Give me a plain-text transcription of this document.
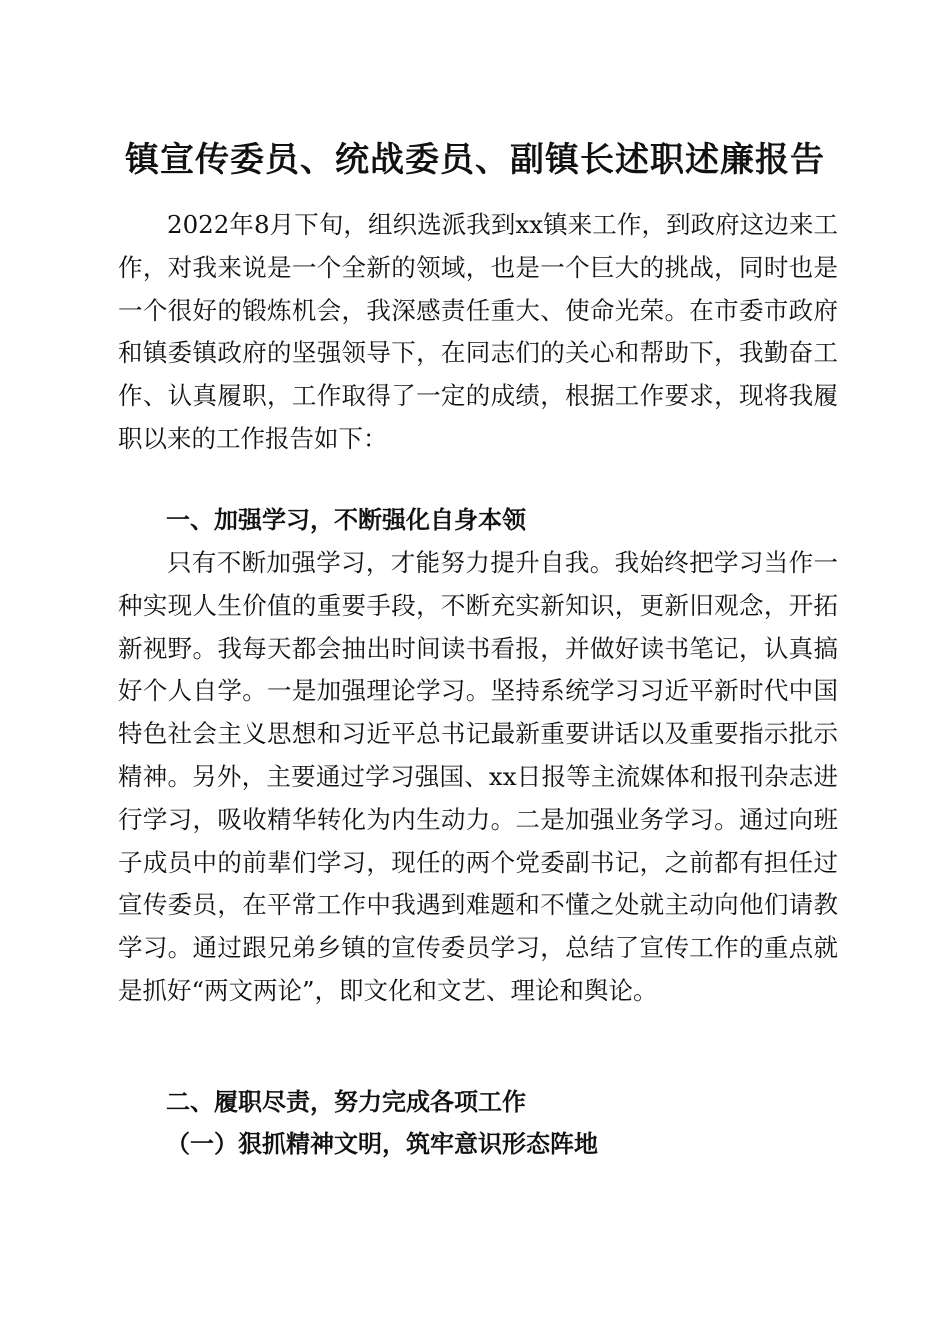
镇宣传委员、统战委员、副镇长述职述廉报告

2022年8月下旬，组织选派我到xx镇来工作，到政府这边来工作，对我来说是一个全新的领域，也是一个巨大的挑战，同时也是一个很好的锻炼机会，我深感责任重大、使命光荣。在市委市政府和镇委镇政府的坚强领导下，在同志们的关心和帮助下，我勤奋工作、认真履职，工作取得了一定的成绩，根据工作要求，现将我履职以来的工作报告如下：

一、加强学习，不断强化自身本领

只有不断加强学习，才能努力提升自我。我始终把学习当作一种实现人生价值的重要手段，不断充实新知识，更新旧观念，开拓新视野。我每天都会抽出时间读书看报，并做好读书笔记，认真搞好个人自学。一是加强理论学习。坚持系统学习习近平新时代中国特色社会主义思想和习近平总书记最新重要讲话以及重要指示批示精神。另外，主要通过学习强国、xx日报等主流媒体和报刊杂志进行学习，吸收精华转化为内生动力。二是加强业务学习。通过向班子成员中的前辈们学习，现任的两个党委副书记，之前都有担任过宣传委员，在平常工作中我遇到难题和不懂之处就主动向他们请教学习。通过跟兄弟乡镇的宣传委员学习，总结了宣传工作的重点就是抓好“两文两论”，即文化和文艺、理论和舆论。

二、履职尽责，努力完成各项工作

（一）狠抓精神文明，筑牢意识形态阵地
